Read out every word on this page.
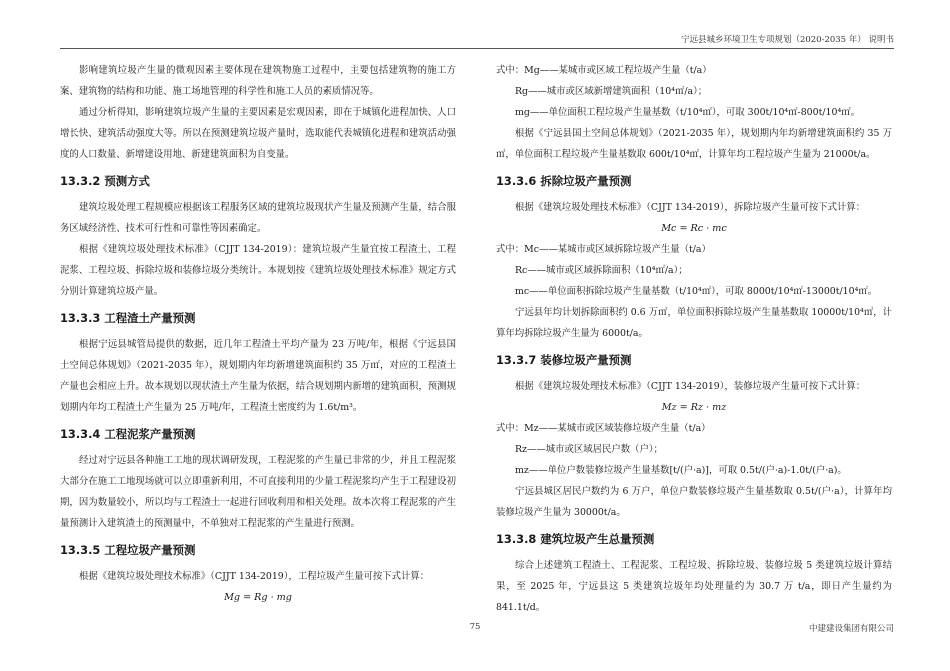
宁远县城乡环境卫生专项规划（2020-2035 年） 说明书

影响建筑垃圾产生量的微观因素主要体现在建筑物施工过程中，主要包括建筑物的施工方案、建筑物的结构和功能、施工场地管理的科学性和施工人员的素质情况等。

通过分析得知，影响建筑垃圾产生量的主要因素是宏观因素，即在于城镇化进程加快、人口增长快、建筑活动强度大等。所以在预测建筑垃圾产量时，选取能代表城镇化进程和建筑活动强度的人口数量、新增建设用地、新建建筑面积为自变量。

13.3.2 预测方式

建筑垃圾处理工程规模应根据该工程服务区域的建筑垃圾现状产生量及预测产生量，结合服务区域经济性、技术可行性和可靠性等因素确定。

根据《建筑垃圾处理技术标准》（CJJT 134-2019）：建筑垃圾产生量宜按工程渣土、工程泥浆、工程垃圾、拆除垃圾和装修垃圾分类统计。本规划按《建筑垃圾处理技术标准》规定方式分别计算建筑垃圾产量。

13.3.3 工程渣土产量预测

根据宁远县城管局提供的数据，近几年工程渣土平均产量为 23 万吨/年，根据《宁远县国土空间总体规划》（2021-2035 年），规划期内年均新增建筑面积约 35 万㎡，对应的工程渣土产量也会相应上升。故本规划以现状渣土产生量为依据，结合规划期内新增的建筑面积，预测规划期内年均工程渣土产生量为 25 万吨/年，工程渣土密度约为 1.6t/m³。

13.3.4 工程泥浆产量预测

经过对宁远县各种施工工地的现状调研发现，工程泥浆的产生量已非常的少，并且工程泥浆大部分在施工工地现场就可以立即重新利用，不可直接利用的少量工程泥浆均产生于工程建设初期，因为数量较小，所以均与工程渣土一起进行回收利用和相关处理。故本次将工程泥浆的产生量预测计入建筑渣土的预测量中，不单独对工程泥浆的产生量进行预测。

13.3.5 工程垃圾产量预测

根据《建筑垃圾处理技术标准》（CJJT 134-2019），工程垃圾产生量可按下式计算：

Mg = Rg · mg

式中：Mg——某城市或区域工程垃圾产生量（t/a）

Rg——城市或区域新增建筑面积（10⁴㎡/a）；

mg——单位面积工程垃圾产生量基数（t/10⁴㎡），可取 300t/10⁴㎡-800t/10⁴㎡。

根据《宁远县国土空间总体规划》（2021-2035 年），规划期内年均新增建筑面积约 35 万㎡，单位面积工程垃圾产生量基数取 600t/10⁴㎡，计算年均工程垃圾产生量为 21000t/a。

13.3.6 拆除垃圾产量预测

根据《建筑垃圾处理技术标准》（CJJT 134-2019），拆除垃圾产生量可按下式计算：

Mc = Rc · mc

式中：Mc——某城市或区域拆除垃圾产生量（t/a）

Rc——城市或区域拆除面积（10⁴㎡/a）；

mc——单位面积拆除垃圾产生量基数（t/10⁴㎡），可取 8000t/10⁴㎡-13000t/10⁴㎡。

宁远县年均计划拆除面积约 0.6 万㎡，单位面积拆除垃圾产生量基数取 10000t/10⁴㎡，计算年均拆除垃圾产生量为 6000t/a。

13.3.7 装修垃圾产量预测

根据《建筑垃圾处理技术标准》（CJJT 134-2019），装修垃圾产生量可按下式计算：

Mz = Rz · mz

式中：Mz——某城市或区域装修垃圾产生量（t/a）

Rz——城市或区域居民户数（户）；

mz——单位户数装修垃圾产生量基数[t/(户·a)]，可取 0.5t/(户·a)-1.0t/(户·a)。

宁远县城区居民户数约为 6 万户，单位户数装修垃圾产生量基数取 0.5t/(户·a），计算年均装修垃圾产生量为 30000t/a。

13.3.8 建筑垃圾产生总量预测

综合上述建筑工程渣土、工程泥浆、工程垃圾、拆除垃圾、装修垃圾 5 类建筑垃圾计算结果，至 2025 年，宁远县这 5 类建筑垃圾年均处理量约为 30.7 万 t/a，即日产生量约为 841.1t/d。

75	中建建设集团有限公司
